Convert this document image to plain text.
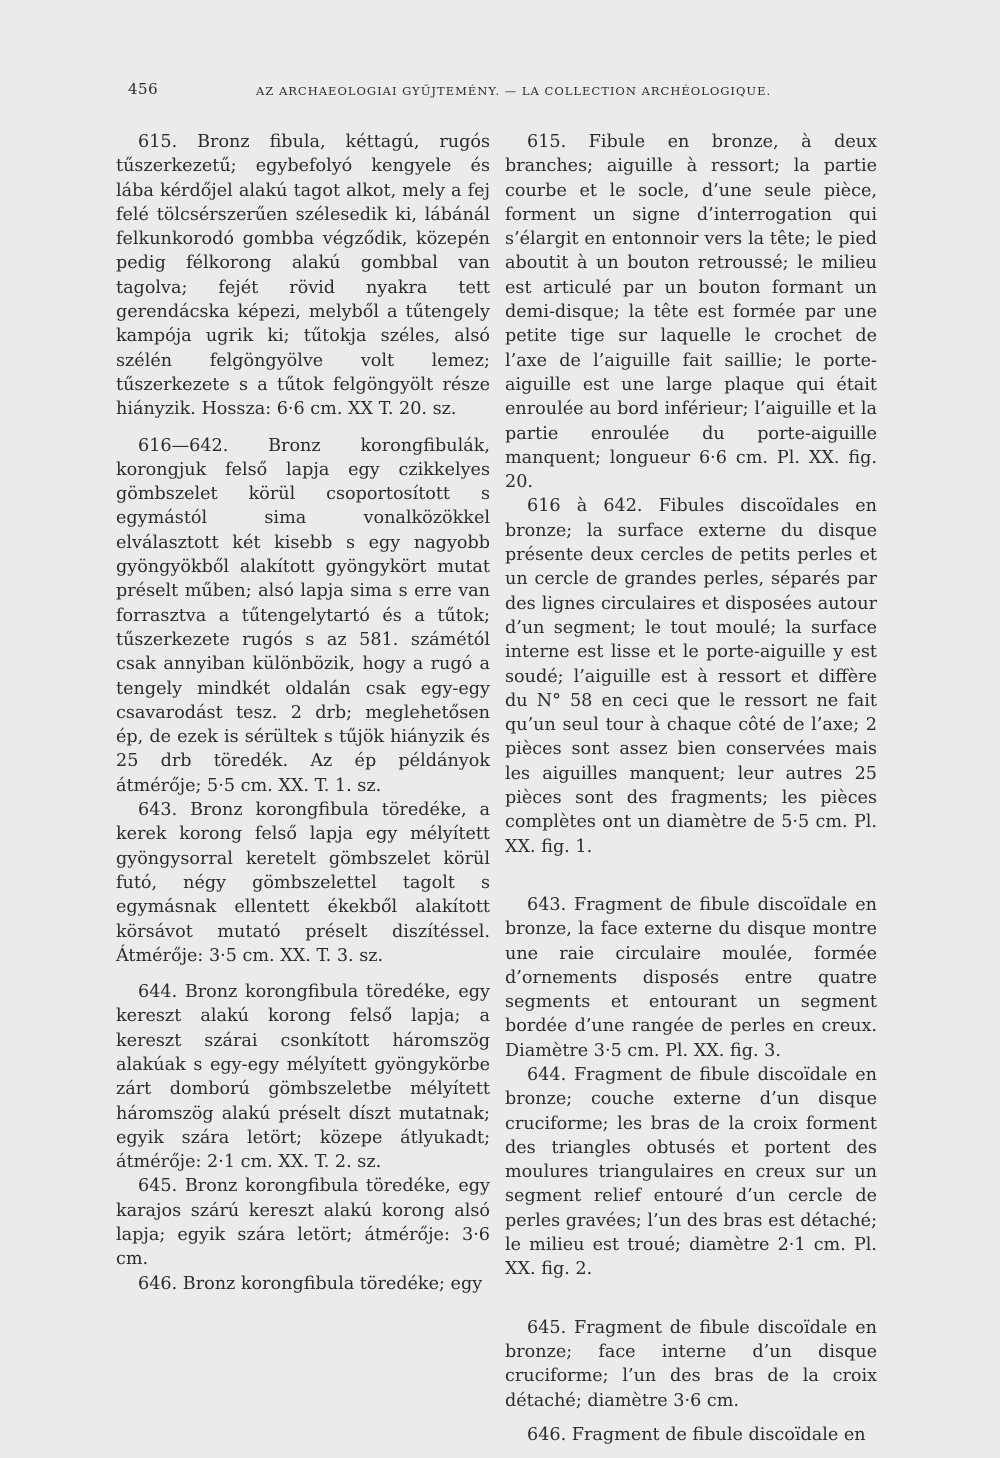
456	AZ ARCHAEOLOGIAI GYŰJTEMÉNY. — LA COLLECTION ARCHÉOLOGIQUE.

615. Bronz fibula, kéttagú, rugós tűszerkezetű; egybefolyó kengyele és lába kérdőjel alakú tagot alkot, mely a fej felé tölcsérszerűen szélesedik ki, lábánál felkunkorodó gombba végződik, közepén pedig félkorong alakú gombbal van tagolva; fejét rövid nyakra tett gerendácska képezi, melyből a tűtengely kampója ugrik ki; tűtokja széles, alsó szélén felgöngyölve volt lemez; tűszerkezete s a tűtok felgöngyölt része hiányzik. Hossza: 6·6 cm. XX T. 20. sz.

616—642. Bronz korongfibulák, korongjuk felső lapja egy czikkelyes gömbszelet körül csoportosított s egymástól sima vonalközökkel elválasztott két kisebb s egy nagyobb gyöngyökből alakított gyöngykört mutat préselt műben; alsó lapja sima s erre van forrasztva a tűtengelytartó és a tűtok; tűszerkezete rugós s az 581. számétól csak annyiban különbözik, hogy a rugó a tengely mindkét oldalán csak egy-egy csavarodást tesz. 2 drb; meglehetősen ép, de ezek is sérültek s tűjök hiányzik és 25 drb töredék. Az ép példányok átmérője; 5·5 cm. XX. T. 1. sz.

643. Bronz korongfibula töredéke, a kerek korong felső lapja egy mélyített gyöngysorral keretelt gömbszelet körül futó, négy gömbszelettel tagolt s egymásnak ellentett ékekből alakított körsávot mutató préselt diszítéssel. Átmérője: 3·5 cm. XX. T. 3. sz.

644. Bronz korongfibula töredéke, egy kereszt alakú korong felső lapja; a kereszt szárai csonkított háromszög alakúak s egy-egy mélyített gyöngykörbe zárt domború gömbszeletbe mélyített háromszög alakú préselt díszt mutatnak; egyik szára letört; közepe átlyukadt; átmérője: 2·1 cm. XX. T. 2. sz.

645. Bronz korongfibula töredéke, egy karajos szárú kereszt alakú korong alsó lapja; egyik szára letört; átmérője: 3·6 cm.

646. Bronz korongfibula töredéke; egy

615. Fibule en bronze, à deux branches; aiguille à ressort; la partie courbe et le socle, d’une seule pièce, forment un signe d’interrogation qui s’élargit en entonnoir vers la tête; le pied aboutit à un bouton retroussé; le milieu est articulé par un bouton formant un demi-disque; la tête est formée par une petite tige sur laquelle le crochet de l’axe de l’aiguille fait saillie; le porte-aiguille est une large plaque qui était enroulée au bord inférieur; l’aiguille et la partie enroulée du porte-aiguille manquent; longueur 6·6 cm. Pl. XX. fig. 20.

616 à 642. Fibules discoïdales en bronze; la surface externe du disque présente deux cercles de petits perles et un cercle de grandes perles, séparés par des lignes circulaires et disposées autour d’un segment; le tout moulé; la surface interne est lisse et le porte-aiguille y est soudé; l’aiguille est à ressort et diffère du N° 58 en ceci que le ressort ne fait qu’un seul tour à chaque côté de l’axe; 2 pièces sont assez bien conservées mais les aiguilles manquent; leur autres 25 pièces sont des fragments; les pièces complètes ont un diamètre de 5·5 cm. Pl. XX. fig. 1.

643. Fragment de fibule discoïdale en bronze, la face externe du disque montre une raie circulaire moulée, formée d’ornements disposés entre quatre segments et entourant un segment bordée d’une rangée de perles en creux. Diamètre 3·5 cm. Pl. XX. fig. 3.

644. Fragment de fibule discoïdale en bronze; couche externe d’un disque cruciforme; les bras de la croix forment des triangles obtusés et portent des moulures triangulaires en creux sur un segment relief entouré d’un cercle de perles gravées; l’un des bras est détaché; le milieu est troué; diamètre 2·1 cm. Pl. XX. fig. 2.

645. Fragment de fibule discoïdale en bronze; face interne d’un disque cruciforme; l’un des bras de la croix détaché; diamètre 3·6 cm.

646. Fragment de fibule discoïdale en
